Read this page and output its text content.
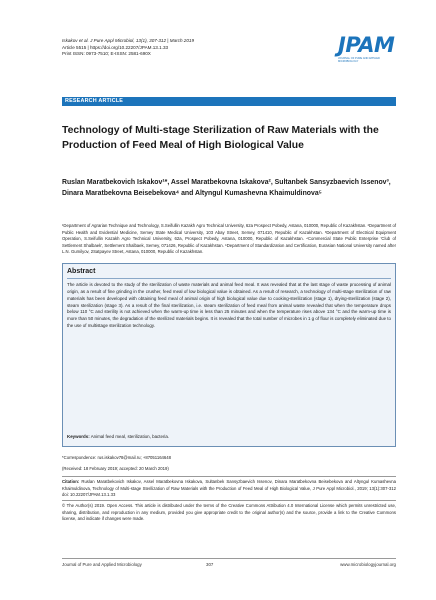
Iskakov et al. J Pure Appl Microbiol, 13(1), 307-312 | March 2019
Article 5515 | https://doi.org/10.22207/JPAM.13.1.33
Print ISSN: 0973-7510; E-ISSN: 2581-690X	JPAM
JOURNAL OF PURE AND APPLIED MICROBIOLOGY
RESEARCH ARTICLE
Technology of Multi-stage Sterilization of Raw Materials with the Production of Feed Meal of High Biological Value
Ruslan Maratbekovich Iskakov¹*, Assel Maratbekovna Iskakova², Sultanbek Sansyzbaevich Issenov³, Dinara Maratbekovna Beisebekova⁴ and Altyngul Kumashevna Khaimuldinova⁵
¹Department of Agrarian Technique and Technology, S.Seifullin Kazakh Agro Technical University, 62a Prospect Pobedy, Astana, 010000, Republic of Kazakhstan. ²Department of Public Health and Evidential Medicine, Semey State Medical University, 103 Abay Street, Semey, 071410, Republic of Kazakhstan. ³Department of Electrical Equipment Operation, S.Seifullin Kazakh Agro Technical University, 62a, Prospect Pobedy, Astana, 010000, Republic of Kazakhstan. ⁴Commercial State Public Enterprise 'Club of Settlement Shalbaek', Settlement Shalbaek, Semey, 071426, Republic of Kazakhstan. ⁵Department of Standardization and Certification, Eurasian National University named after L.N. Gumilyov, 2Satpayev Street, Astana, 010000, Republic of Kazakhstan.
Abstract
The article is devoted to the study of the sterilization of waste materials and animal feed meal. It was revealed that at the last stage of waste processing of animal origin, as a result of fine grinding in the crusher, feed meal of low biological value is obtained. As a result of research, a technology of multi-stage sterilization of raw materials has been developed with obtaining feed meal of animal origin of high biological value due to cooking-sterilization (stage 1), drying-sterilization (stage 2), steam sterilization (stage 3). As a result of the final sterilization, i.e. steam sterilization of feed meal from animal waste revealed that when the temperature drops below 110 °C and sterility is not achieved when the warm-up time is less than 25 minutes and when the temperature rises above 134 °C and the warm-up time is more than 50 minutes, the degradation of the sterilized materials begins. It is revealed that the total number of microbes in 1 g of flour is completely eliminated due to the use of multistage sterilization technology.
Keywords: Animal feed meal, sterilization, bacteria.
*Correspondence: rus.iskakov78@mail.ru; +87051164648
(Received: 18 February 2019; accepted: 20 March 2019)
Citation: Ruslan Maratbekovich Iskakov, Assel Maratbekovna Iskakova, Sultanbek Sansyzbaevich Issenov, Dinara Maratbekovna Beisebekova and Altyngul Kumashevna Khaimuldinova, Technology of Multi-stage Sterilization of Raw Materials with the Production of Feed Meal of High Biological Value, J Pure Appl Microbiol., 2019; 13(1):307-312 doi: 10.22207/JPAM.13.1.33
© The Author(s) 2019. Open Access. This article is distributed under the terms of the Creative Commons Attribution 4.0 International License which permits unrestricted use, sharing, distribution, and reproduction in any medium, provided you give appropriate credit to the original author(s) and the source, provide a link to the Creative Commons license, and indicate if changes were made.
Journal of Pure and Applied Microbiology	307	www.microbiologyjournal.org
